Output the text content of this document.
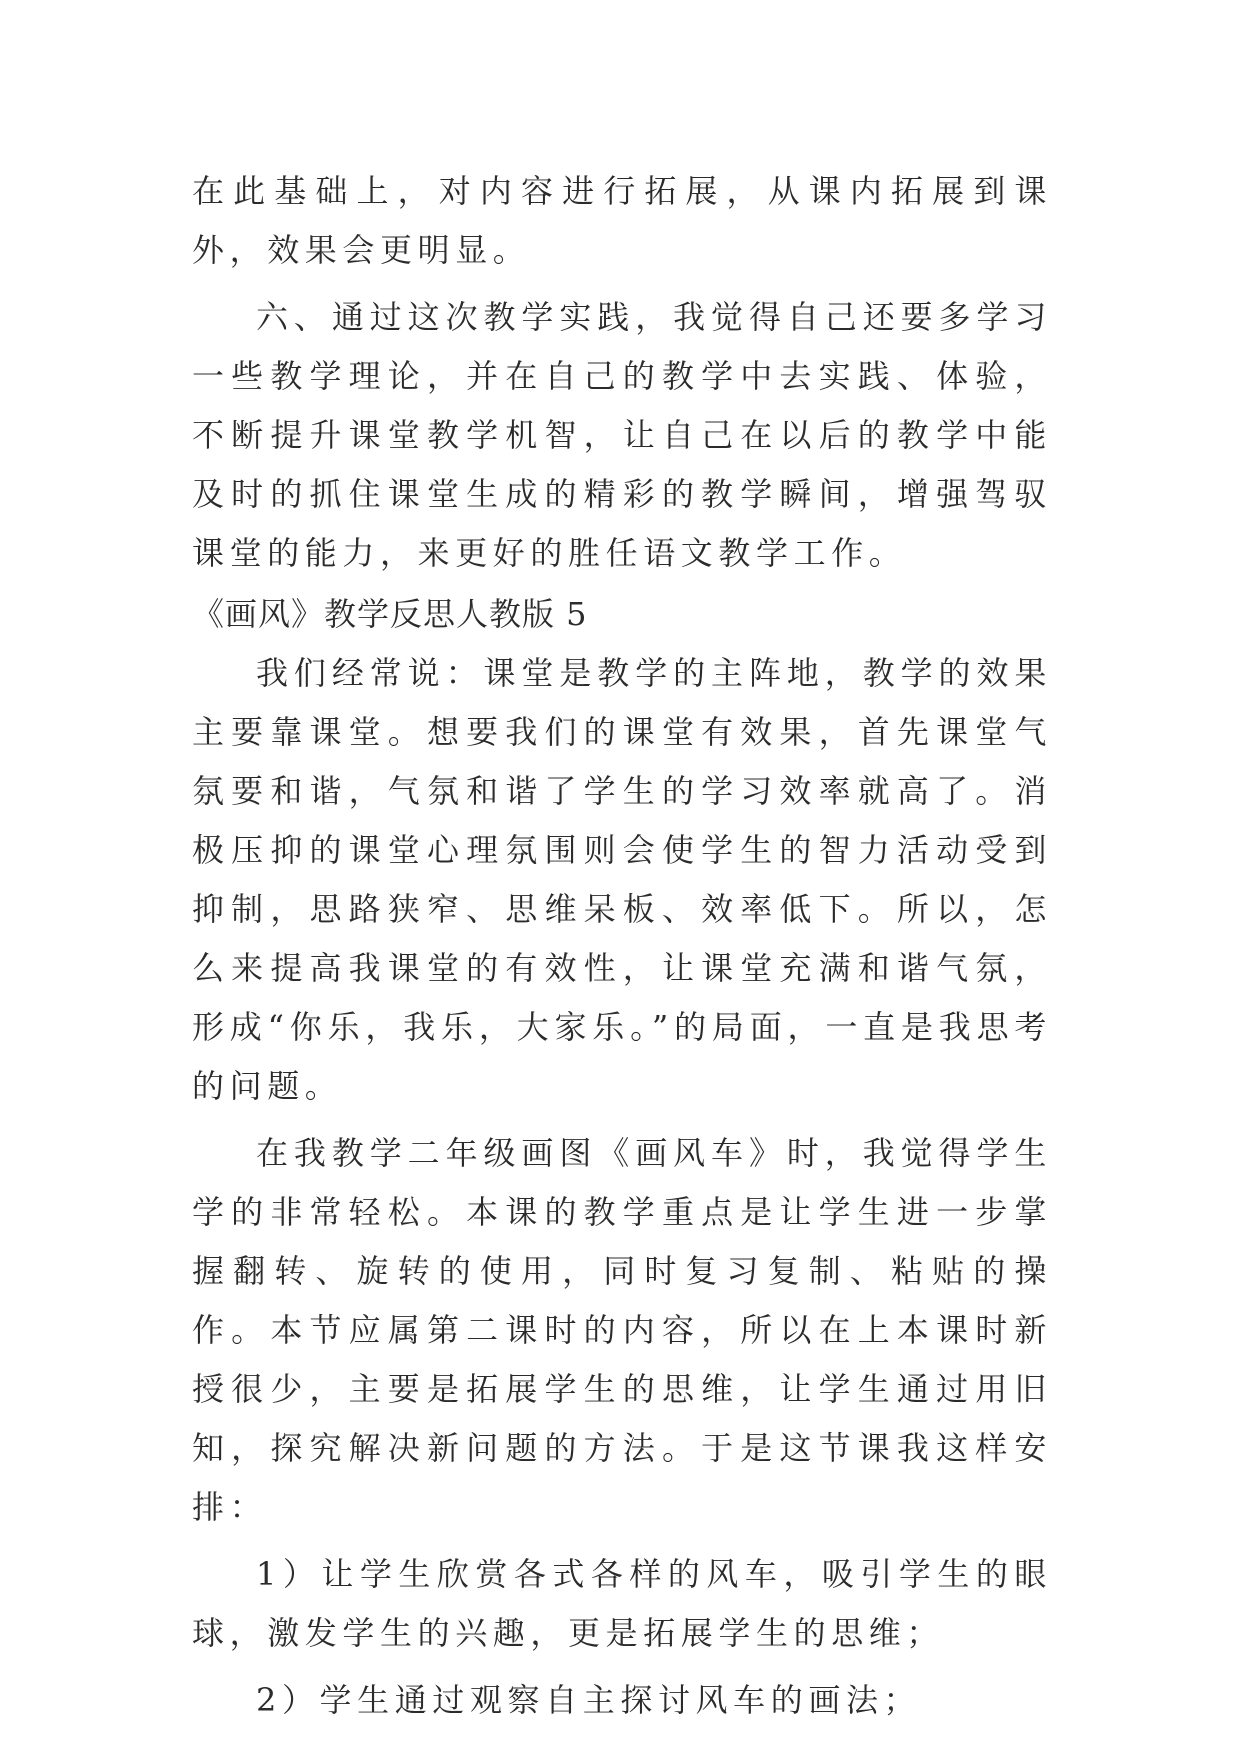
在此基础上，对内容进行拓展，从课内拓展到课外，效果会更明显。

六、通过这次教学实践，我觉得自己还要多学习一些教学理论，并在自己的教学中去实践、体验，不断提升课堂教学机智，让自己在以后的教学中能及时的抓住课堂生成的精彩的教学瞬间，增强驾驭课堂的能力，来更好的胜任语文教学工作。

《画风》教学反思人教版 5

我们经常说：课堂是教学的主阵地，教学的效果主要靠课堂。想要我们的课堂有效果，首先课堂气氛要和谐，气氛和谐了学生的学习效率就高了。消极压抑的课堂心理氛围则会使学生的智力活动受到抑制，思路狭窄、思维呆板、效率低下。所以，怎么来提高我课堂的有效性，让课堂充满和谐气氛，形成“你乐，我乐，大家乐。”的局面，一直是我思考的问题。

在我教学二年级画图《画风车》时，我觉得学生学的非常轻松。本课的教学重点是让学生进一步掌握翻转、旋转的使用，同时复习复制、粘贴的操作。本节应属第二课时的内容，所以在上本课时新授很少，主要是拓展学生的思维，让学生通过用旧知，探究解决新问题的方法。于是这节课我这样安排：

1）让学生欣赏各式各样的风车，吸引学生的眼球，激发学生的兴趣，更是拓展学生的思维；

2）学生通过观察自主探讨风车的画法；
